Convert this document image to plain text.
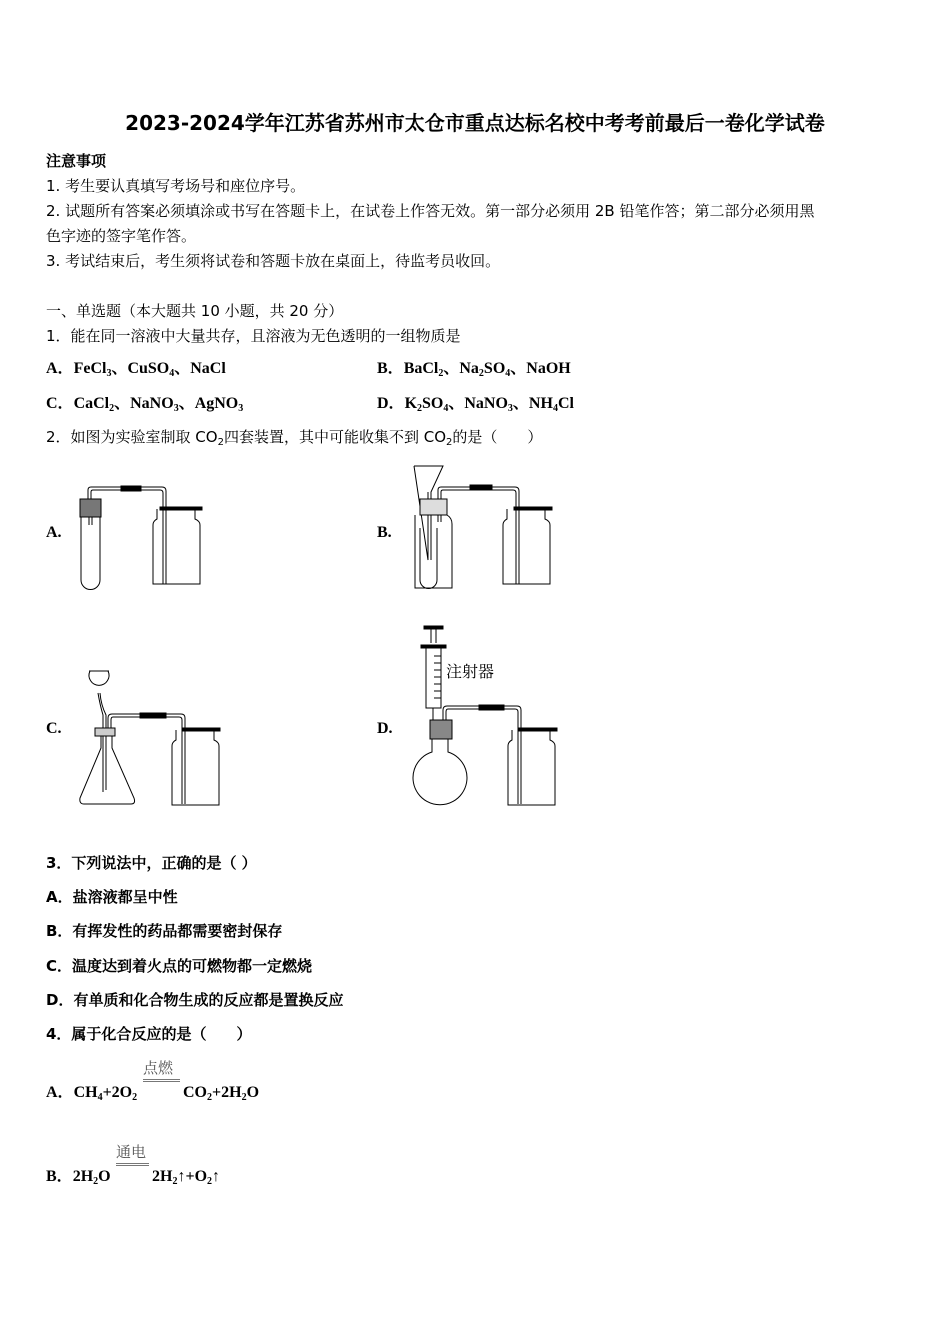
2023-2024学年江苏省苏州市太仓市重点达标名校中考考前最后一卷化学试卷
注意事项
1. 考生要认真填写考场号和座位序号。
2. 试题所有答案必须填涂或书写在答题卡上，在试卷上作答无效。第一部分必须用 2B 铅笔作答；第二部分必须用黑
色字迹的签字笔作答。
3. 考试结束后，考生须将试卷和答题卡放在桌面上，待监考员收回。
一、单选题（本大题共 10 小题，共 20 分）
1．能在同一溶液中大量共存，且溶液为无色透明的一组物质是
A．FeCl$_3$、CuSO$_4$、NaCl	B．BaCl$_2$、$Na_2SO_4$、NaOH
C．CaCl$_2$、NaNO$_3$、AgNO$_3$	D．$K_2SO_4$、NaNO$_3$、$NH_4Cl$
2．如图为实验室制取 $CO_2$四套装置，其中可能收集不到 $CO_2$的是（　　）
A.	B.
C.	D.
注射器
3．下列说法中，正确的是（ ）
A．盐溶液都呈中性
B．有挥发性的药品都需要密封保存
C．温度达到着火点的可燃物都一定燃烧
D．有单质和化合物生成的反应都是置换反应
4．属于化合反应的是（　　）
A．$CH_4+2O_2$
点燃
$CO_2+2H_2O$
B．$2H_2O$
通电
$2H_2↑+O_2↑$
